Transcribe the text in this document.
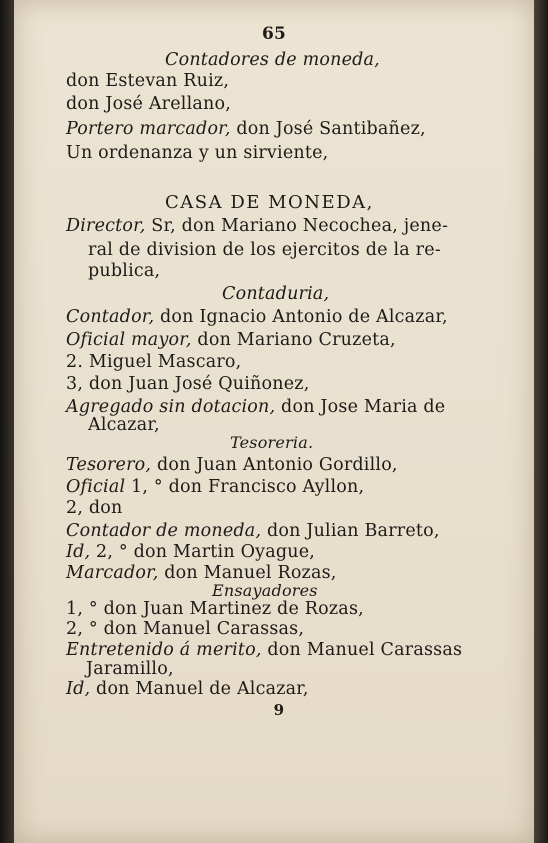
65
Contadores de moneda,
don Estevan Ruiz,
don José Arellano,
Portero marcador, don José Santibañez,
Un ordenanza y un sirviente,
CASA DE MONEDA,
Director, Sr, don Mariano Necochea, jene-
ral de division de los ejercitos de la re-
publica,
Contaduria,
Contador, don Ignacio Antonio de Alcazar,
Oficial mayor, don Mariano Cruzeta,
2. Miguel Mascaro,
3, don Juan José Quiñonez,
Agregado sin dotacion, don Jose Maria de
Alcazar,
Tesoreria.
Tesorero, don Juan Antonio Gordillo,
Oficial 1, ° don Francisco Ayllon,
2, don
Contador de moneda, don Julian Barreto,
Id, 2, ° don Martin Oyague,
Marcador, don Manuel Rozas,
Ensayadores
1, ° don Juan Martinez de Rozas,
2, ° don Manuel Carassas,
Entretenido á merito, don Manuel Carassas
Jaramillo,
Id, don Manuel de Alcazar,
9
